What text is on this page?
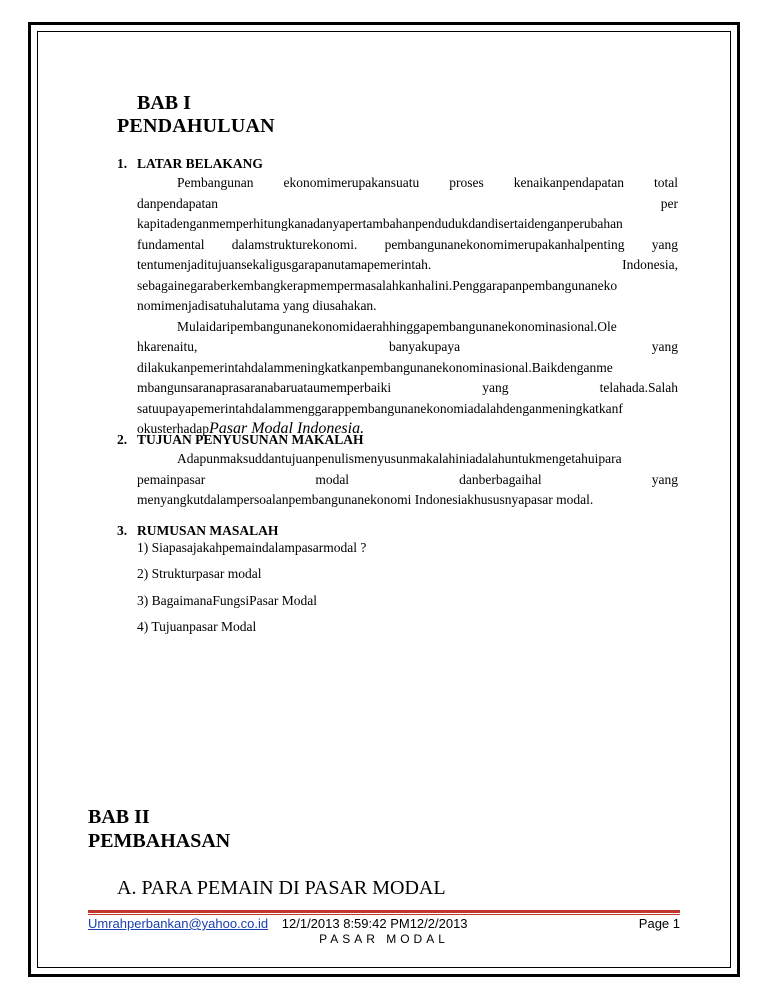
BAB I
PENDAHULUAN
1. LATAR BELAKANG
Pembangunan ekonomimerupakansuatu proses kenaikanpendapatan total
danpendapatan	per
kapitadenganmemperhitungkanadanyapertambahanpendudukdandisertaidenganperubahan
fundamental dalamstrukturekonomi. pembangunanekonomimerupakanhalpenting yang
tentumenjaditujuansekaligusgarapanutamapemerintah.	Indonesia,
sebagainegaraberkembangkerapmempermasalahkanhalini.Penggarapanpembangunaneko
nomimenjadisatuhalutama yang diusahakan.
Mulaidaripembangunanekonomidaerahhinggapembangunanekonominasional.Ole
hkarenaitu,	banyakupaya	yang
dilakukanpemerintahdalammeningkatkanpembangunanekonominasional.Baikdenganme
mbangunsaranaprasaranabaruataumemperbaiki	yang	telahada.Salah
satuupayapemerintahdalammenggarappembangunanekonomiadalahdenganmeningkatkanf
okusterhadap Pasar Modal Indonesia.
2. TUJUAN PENYUSUNAN MAKALAH
Adapunmaksuddantujuanpenulismenyusunmakalahiniadalahuntukmengetahuipara
pemainpasar	modal	danberbagaihal	yang
menyangkutdalampersoalanpembangunanekonomi Indonesiakhususnyapasar modal.
3. RUMUSAN MASALAH
1) Siapasajakahpemaindalampasarmodal ?
2) Strukturpasar modal
3) BagaimanaFungsiPasar Modal
4) Tujuanpasar Modal
BAB II
PEMBAHASAN
A. PARA PEMAIN DI PASAR MODAL
Umrahperbankan@yahoo.co.id 12/1/2013 8:59:42 PM12/2/2013	Page 1
PASAR MODAL
